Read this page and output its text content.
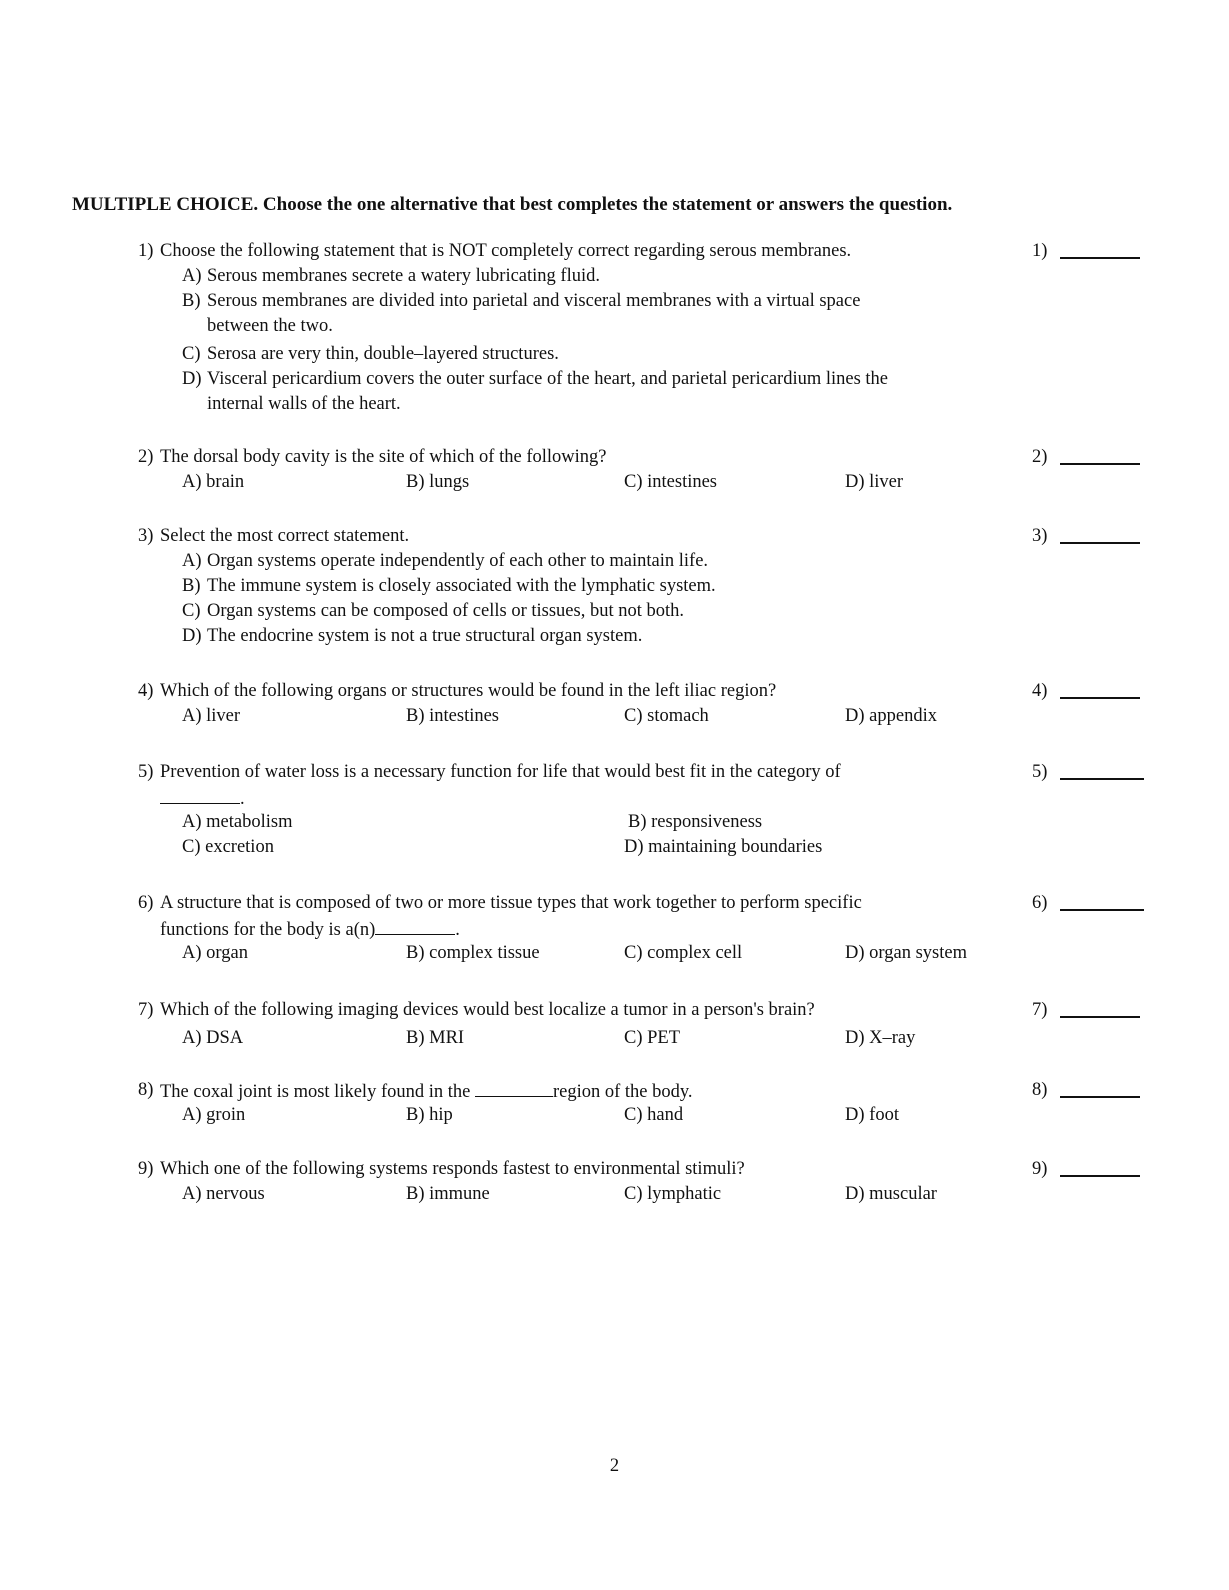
MULTIPLE CHOICE. Choose the one alternative that best completes the statement or answers the question.
1) Choose the following statement that is NOT completely correct regarding serous membranes.	1)
A) Serous membranes secrete a watery lubricating fluid.
B) Serous membranes are divided into parietal and visceral membranes with a virtual space
between the two.
C) Serosa are very thin, double–layered structures.
D) Visceral pericardium covers the outer surface of the heart, and parietal pericardium lines the
internal walls of the heart.
2) The dorsal body cavity is the site of which of the following?	2)
A) brain	B) lungs	C) intestines	D) liver
3) Select the most correct statement.	3)
A) Organ systems operate independently of each other to maintain life.
B) The immune system is closely associated with the lymphatic system.
C) Organ systems can be composed of cells or tissues, but not both.
D) The endocrine system is not a true structural organ system.
4) Which of the following organs or structures would be found in the left iliac region?	4)
A) liver	B) intestines	C) stomach	D) appendix
5) Prevention of water loss is a necessary function for life that would best fit in the category of	5)
.
A) metabolism	B) responsiveness
C) excretion	D) maintaining boundaries
6) A structure that is composed of two or more tissue types that work together to perform specific	6)
functions for the body is a(n)	.
A) organ	B) complex tissue	C) complex cell	D) organ system
7) Which of the following imaging devices would best localize a tumor in a person's brain?	7)
A) DSA	B) MRI	C) PET	D) X–ray
8) The coxal joint is most likely found in the	region of the body.	8)
A) groin	B) hip	C) hand	D) foot
9) Which one of the following systems responds fastest to environmental stimuli?	9)
A) nervous	B) immune	C) lymphatic	D) muscular
2
